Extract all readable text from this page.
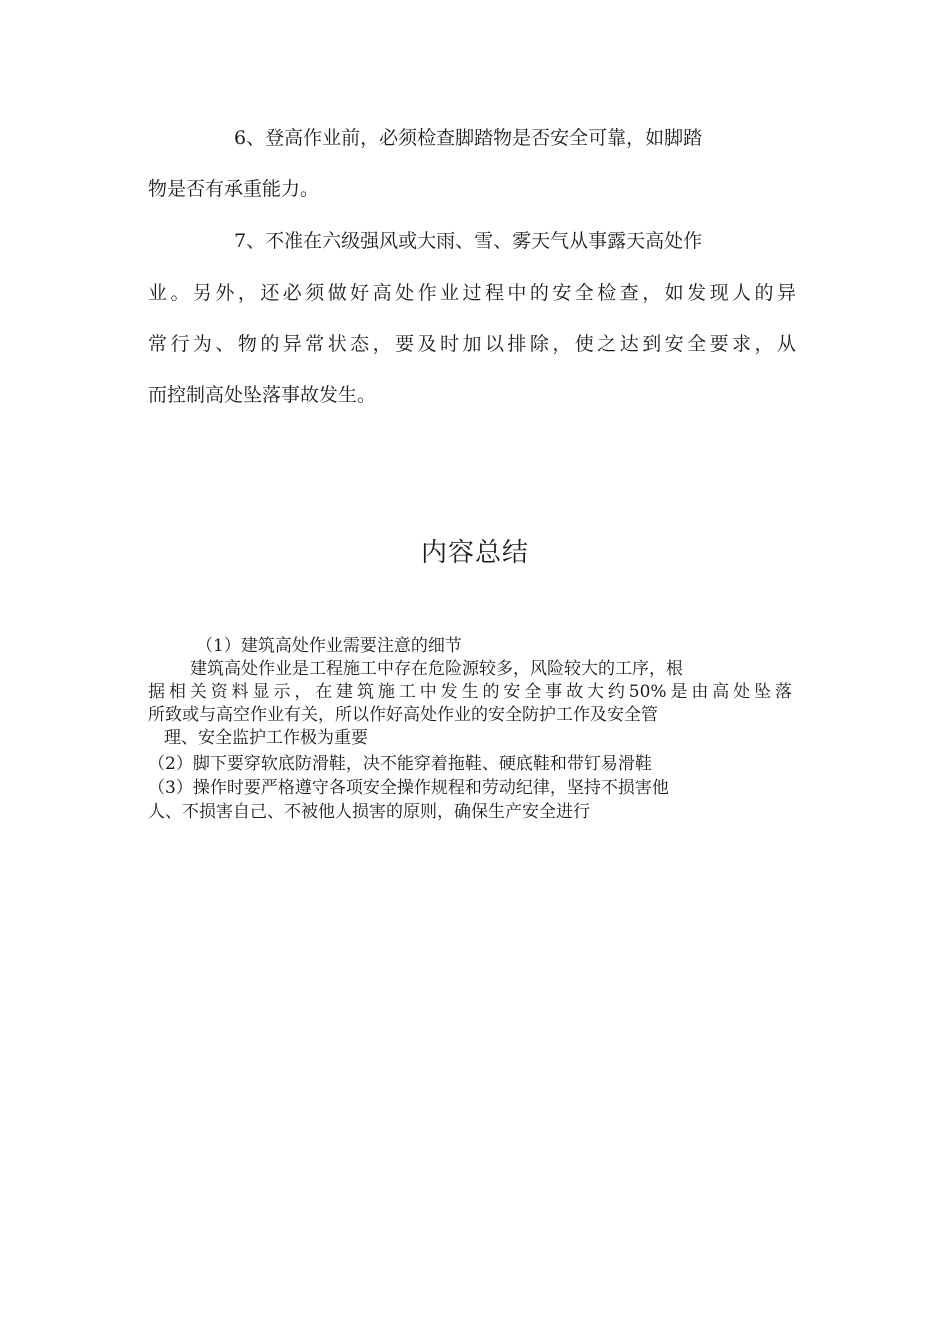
6、登高作业前，必须检查脚踏物是否安全可靠，如脚踏
物是否有承重能力。
7、不准在六级强风或大雨、雪、雾天气从事露天高处作
业。另外，还必须做好高处作业过程中的安全检查，如发现人的异
常行为、物的异常状态，要及时加以排除，使之达到安全要求，从
而控制高处坠落事故发生。
内容总结
（1）建筑高处作业需要注意的细节
建筑高处作业是工程施工中存在危险源较多，风险较大的工序，根
据相关资料显示，在建筑施工中发生的安全事故大约50%是由高处坠落
所致或与高空作业有关，所以作好高处作业的安全防护工作及安全管
理、安全监护工作极为重要
（2）脚下要穿软底防滑鞋，决不能穿着拖鞋、硬底鞋和带钉易滑鞋
（3）操作时要严格遵守各项安全操作规程和劳动纪律，坚持不损害他
人、不损害自己、不被他人损害的原则，确保生产安全进行
